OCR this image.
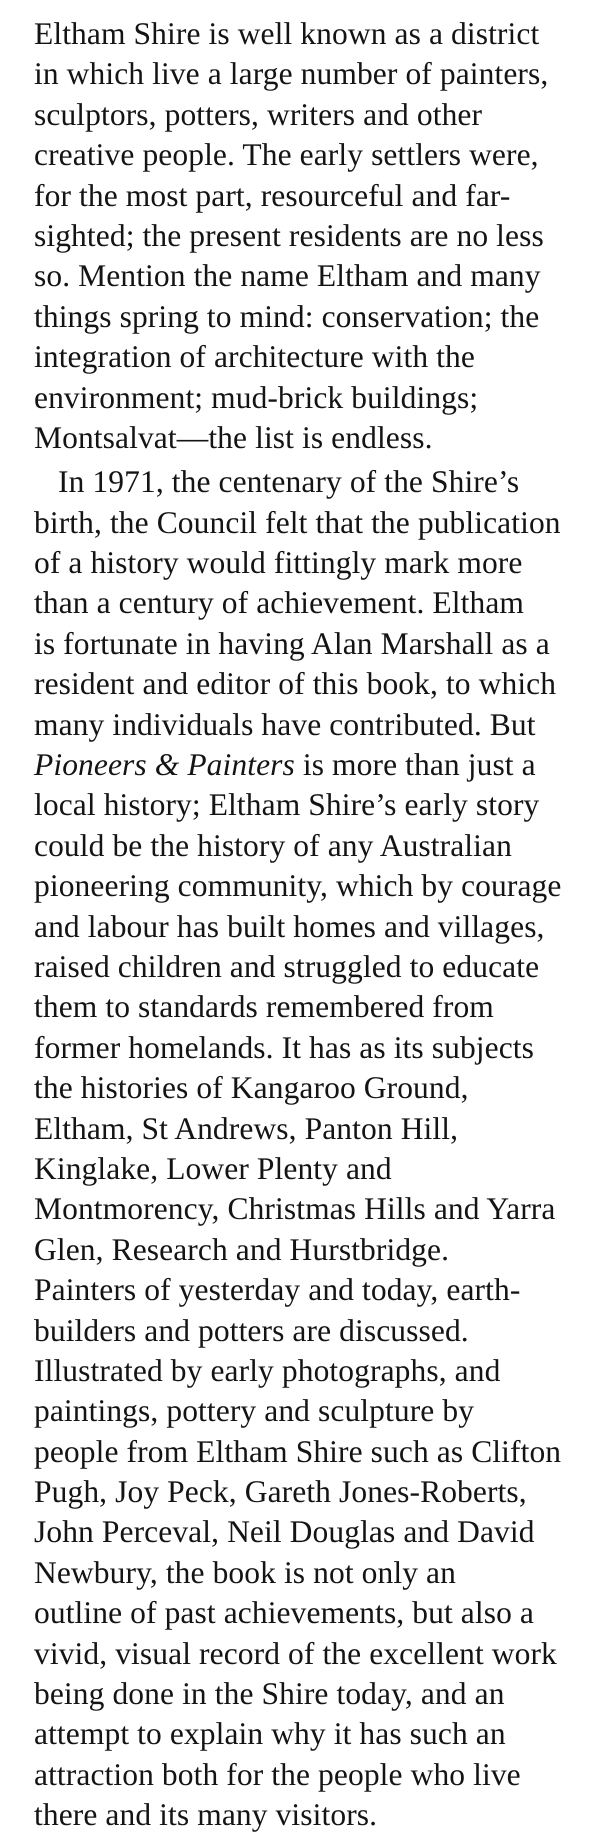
Eltham Shire is well known as a district
in which live a large number of painters,
sculptors, potters, writers and other
creative people. The early settlers were,
for the most part, resourceful and far-
sighted; the present residents are no less
so. Mention the name Eltham and many
things spring to mind: conservation; the
integration of architecture with the
environment; mud-brick buildings;
Montsalvat—the list is endless.
In 1971, the centenary of the Shire’s
birth, the Council felt that the publication
of a history would fittingly mark more
than a century of achievement. Eltham
is fortunate in having Alan Marshall as a
resident and editor of this book, to which
many individuals have contributed. But
Pioneers & Painters is more than just a
local history; Eltham Shire’s early story
could be the history of any Australian
pioneering community, which by courage
and labour has built homes and villages,
raised children and struggled to educate
them to standards remembered from
former homelands. It has as its subjects
the histories of Kangaroo Ground,
Eltham, St Andrews, Panton Hill,
Kinglake, Lower Plenty and
Montmorency, Christmas Hills and Yarra
Glen, Research and Hurstbridge.
Painters of yesterday and today, earth-
builders and potters are discussed.
Illustrated by early photographs, and
paintings, pottery and sculpture by
people from Eltham Shire such as Clifton
Pugh, Joy Peck, Gareth Jones-Roberts,
John Perceval, Neil Douglas and David
Newbury, the book is not only an
outline of past achievements, but also a
vivid, visual record of the excellent work
being done in the Shire today, and an
attempt to explain why it has such an
attraction both for the people who live
there and its many visitors.
